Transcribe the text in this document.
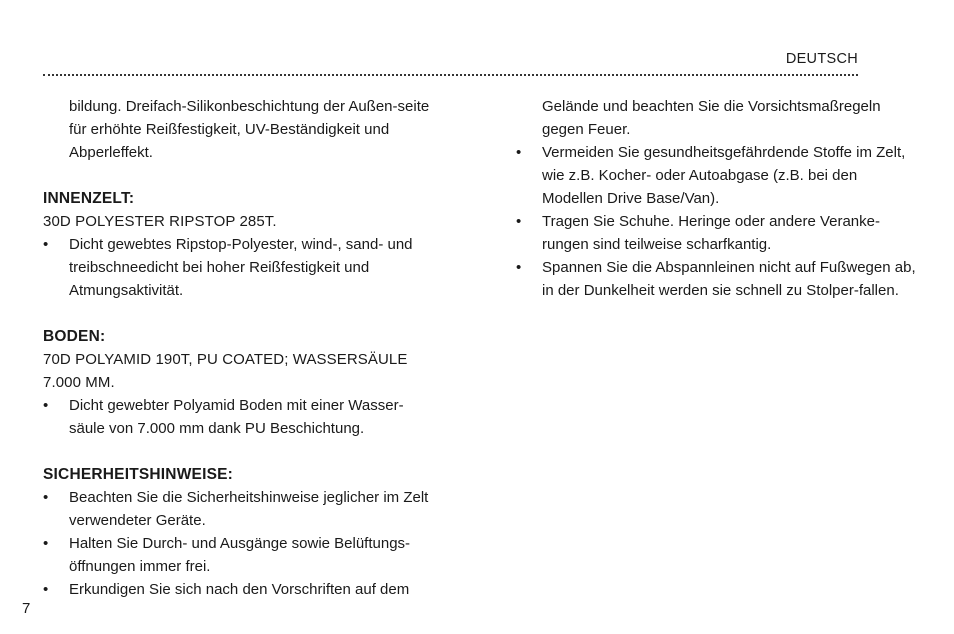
DEUTSCH

bildung. Dreifach-Silikonbeschichtung der Außen-seite für erhöhte Reißfestigkeit, UV-Beständigkeit und Abperleffekt.

INNENZELT:

30D POLYESTER RIPSTOP 285T.

• Dicht gewebtes Ripstop-Polyester, wind-, sand- und treibschneedicht bei hoher Reißfestigkeit und Atmungsaktivität.
BODEN:

70D POLYAMID 190T, PU COATED; WASSERSÄULE 7.000 MM.

• Dicht gewebter Polyamid Boden mit einer Wasser-säule von 7.000 mm dank PU Beschichtung.
SICHERHEITSHINWEISE:
• Beachten Sie die Sicherheitshinweise jeglicher im Zelt verwendeter Geräte.
• Halten Sie Durch- und Ausgänge sowie Belüftungs-öffnungen immer frei.
• Erkundigen Sie sich nach den Vorschriften auf dem

Gelände und beachten Sie die Vorsichtsmaßregeln gegen Feuer.

• Vermeiden Sie gesundheitsgefährdende Stoffe im Zelt, wie z.B. Kocher- oder Autoabgase (z.B. bei den Modellen Drive Base/Van).
• Tragen Sie Schuhe. Heringe oder andere Veranke-rungen sind teilweise scharfkantig.
• Spannen Sie die Abspannleinen nicht auf Fußwegen ab, in der Dunkelheit werden sie schnell zu Stolper-fallen.
7
